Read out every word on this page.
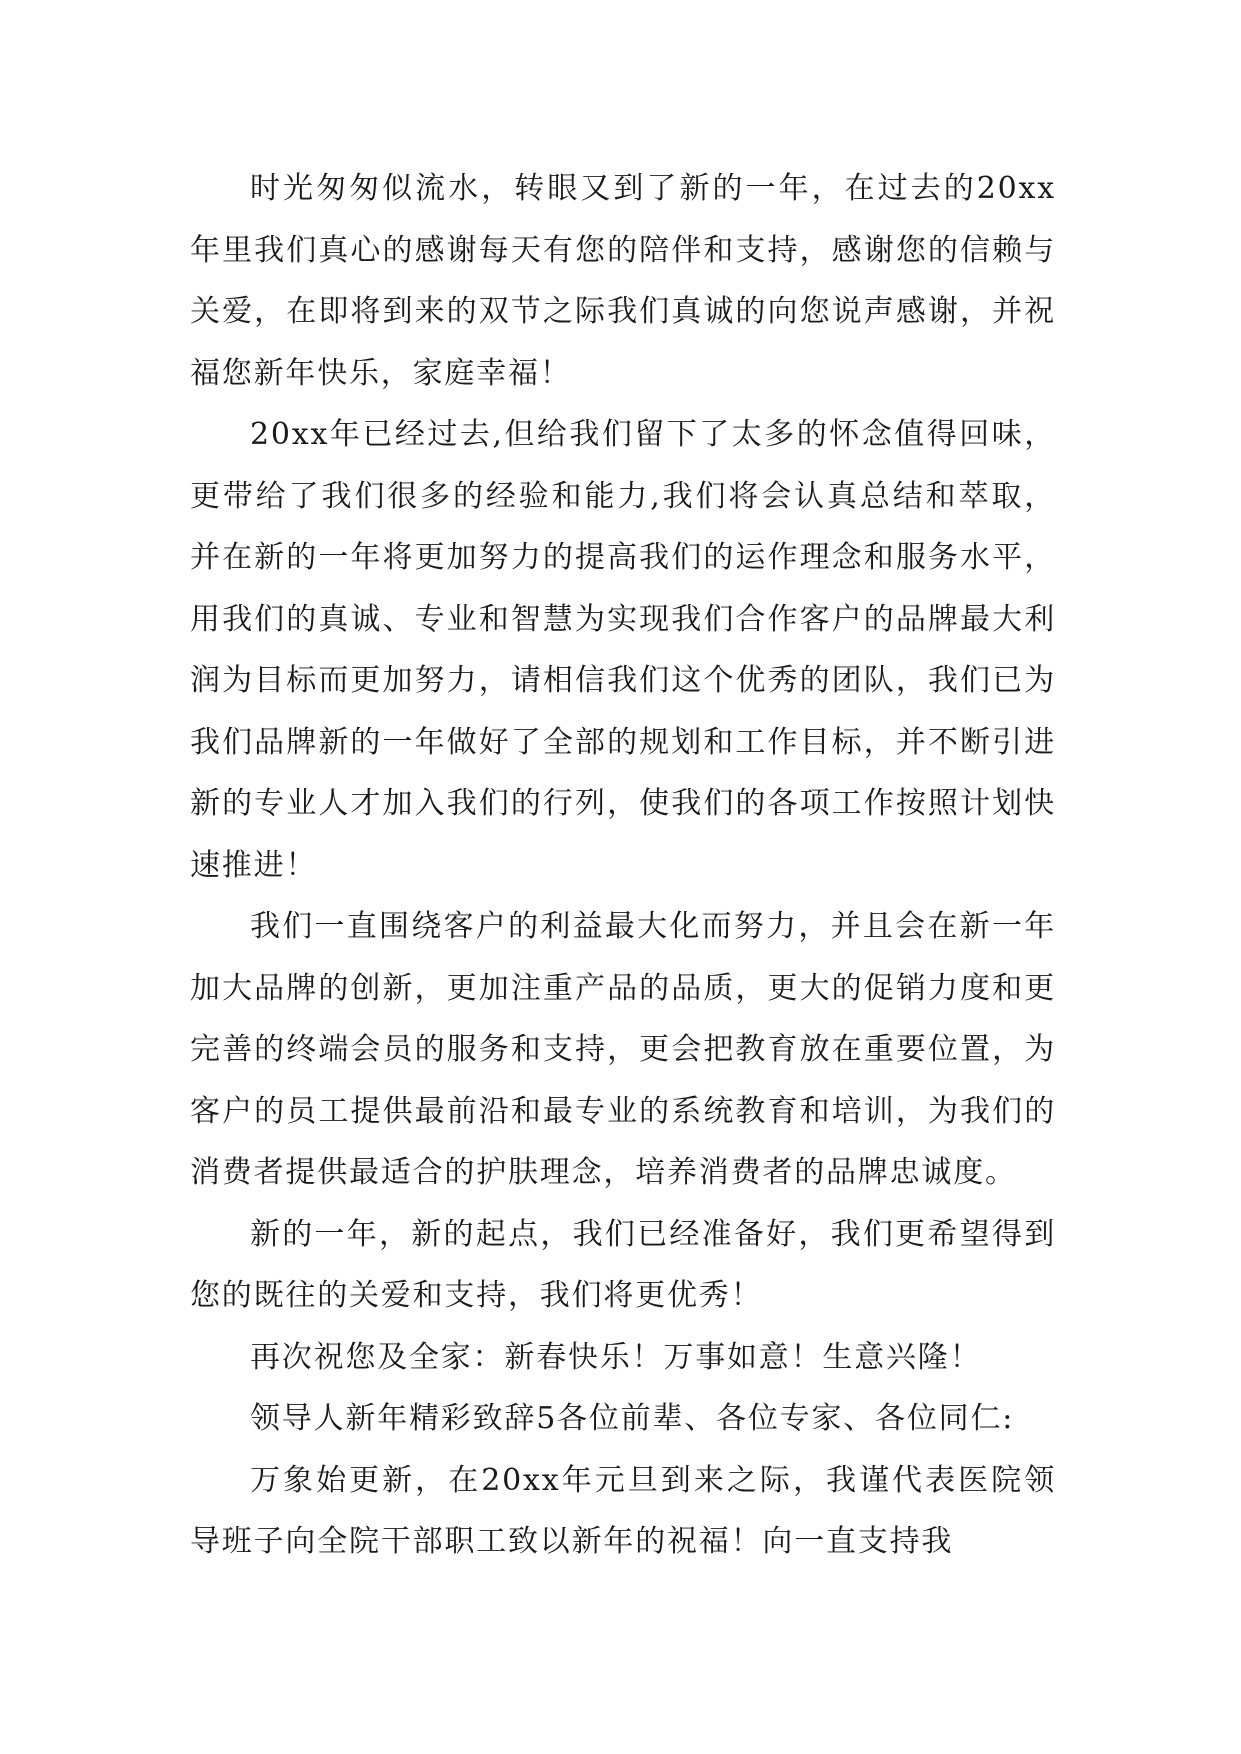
时光匆匆似流水，转眼又到了新的一年，在过去的20xx年里我们真心的感谢每天有您的陪伴和支持，感谢您的信赖与关爱，在即将到来的双节之际我们真诚的向您说声感谢，并祝福您新年快乐，家庭幸福！

20xx年已经过去,但给我们留下了太多的怀念值得回味，更带给了我们很多的经验和能力,我们将会认真总结和萃取，并在新的一年将更加努力的提高我们的运作理念和服务水平，用我们的真诚、专业和智慧为实现我们合作客户的品牌最大利润为目标而更加努力，请相信我们这个优秀的团队，我们已为我们品牌新的一年做好了全部的规划和工作目标，并不断引进新的专业人才加入我们的行列，使我们的各项工作按照计划快速推进！

我们一直围绕客户的利益最大化而努力，并且会在新一年加大品牌的创新，更加注重产品的品质，更大的促销力度和更完善的终端会员的服务和支持，更会把教育放在重要位置，为客户的员工提供最前沿和最专业的系统教育和培训，为我们的消费者提供最适合的护肤理念，培养消费者的品牌忠诚度。

新的一年，新的起点，我们已经准备好，我们更希望得到您的既往的关爱和支持，我们将更优秀！

再次祝您及全家：新春快乐！万事如意！生意兴隆！

领导人新年精彩致辞5各位前辈、各位专家、各位同仁:

万象始更新，在20xx年元旦到来之际，我谨代表医院领导班子向全院干部职工致以新年的祝福！向一直支持我
